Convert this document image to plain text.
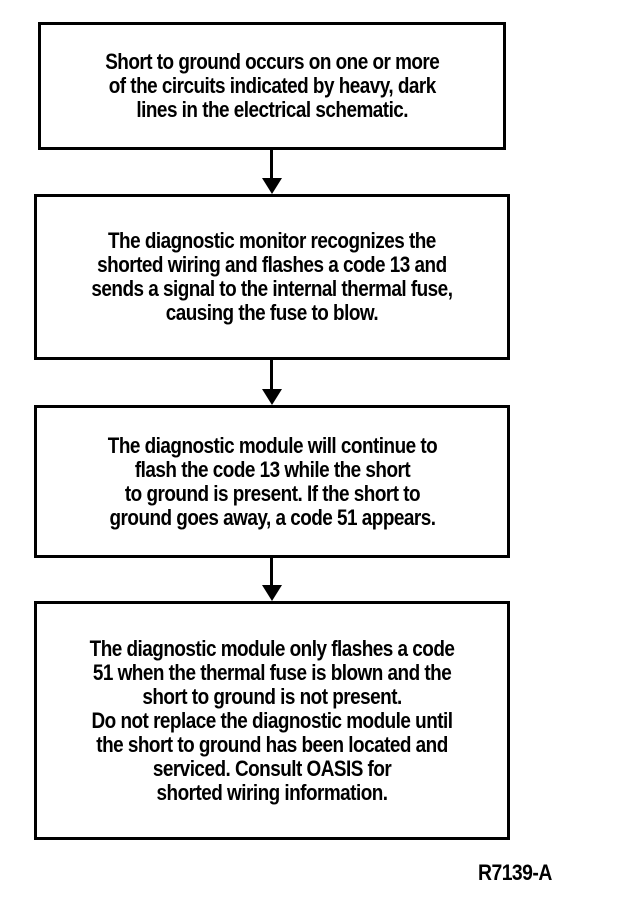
Short to ground occurs on one or more
of the circuits indicated by heavy, dark
lines in the electrical schematic.
The diagnostic monitor recognizes the
shorted wiring and flashes a code 13 and
sends a signal to the internal thermal fuse,
causing the fuse to blow.
The diagnostic module will continue to
flash the code 13 while the short
to ground is present. If the short to
ground goes away, a code 51 appears.
The diagnostic module only flashes a code
51 when the thermal fuse is blown and the
short to ground is not present.
Do not replace the diagnostic module until
the short to ground has been located and
serviced. Consult OASIS for
shorted wiring information.
R7139-A
